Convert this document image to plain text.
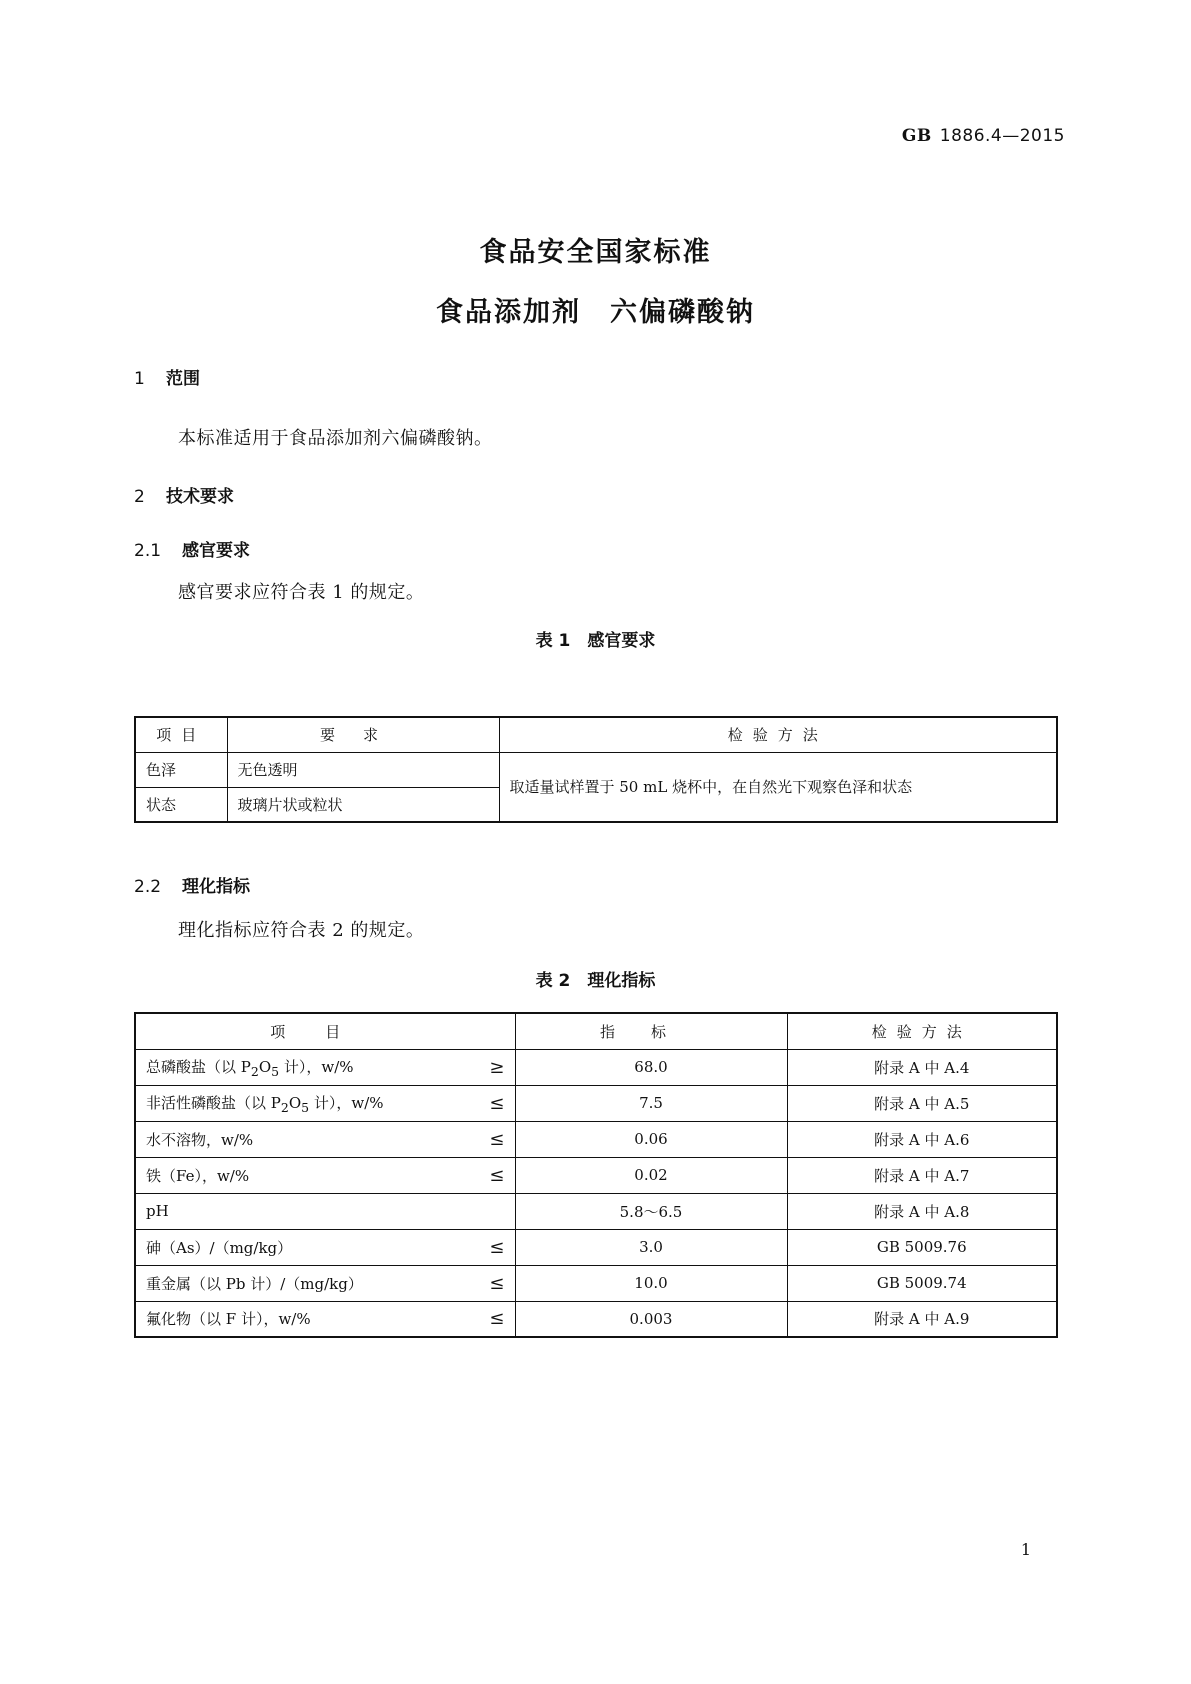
GB 1886.4—2015
食品安全国家标准
食品添加剂　六偏磷酸钠
1 范围
本标准适用于食品添加剂六偏磷酸钠。
2 技术要求
2.1 感官要求
感官要求应符合表 1 的规定。
表 1　感官要求
项目	要求	检验方法
色泽	无色透明	取适量试样置于 50 mL 烧杯中，在自然光下观察色泽和状态
状态	玻璃片状或粒状	
2.2 理化指标
理化指标应符合表 2 的规定。
表 2　理化指标
项目	指标	检验方法

总磷酸盐（以 $P_2O_5$ 计），w/% ≥	68.0	附录 A 中 A.4

非活性磷酸盐（以 $P_2O_5$ 计），w/% ≤	7.5	附录 A 中 A.5

水不溶物，w/% ≤	0.06	附录 A 中 A.6

铁（Fe），w/% ≤	0.02	附录 A 中 A.7

pH	5.8～6.5	附录 A 中 A.8

砷（As）/（mg/kg） ≤	3.0	GB 5009.76

重金属（以 Pb 计）/（mg/kg） ≤	10.0	GB 5009.74

氟化物（以 F 计），w/% ≤	0.003	附录 A 中 A.9
1
